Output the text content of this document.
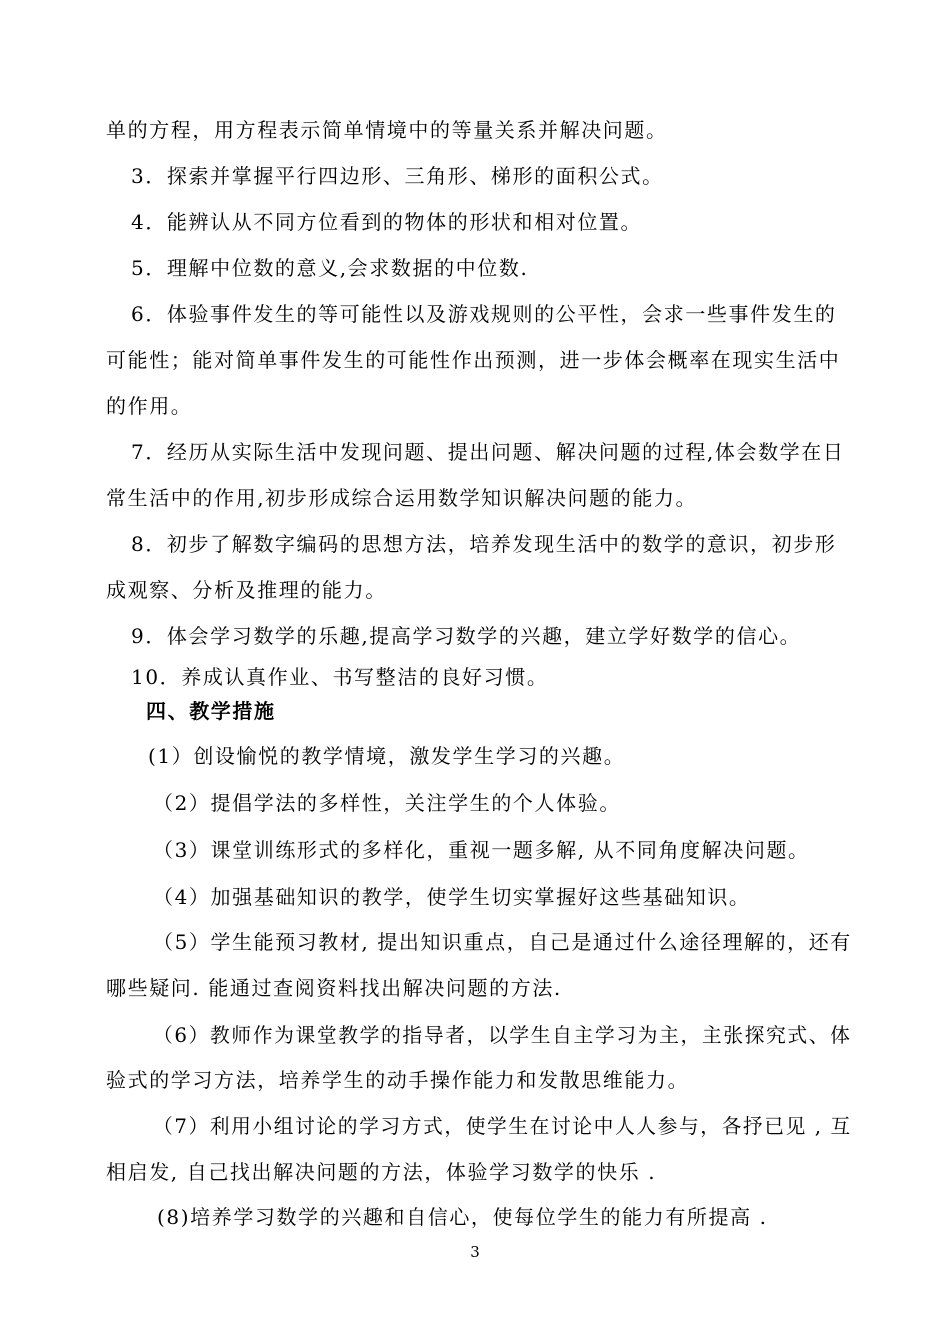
单的方程，用方程表示简单情境中的等量关系并解决问题。
3．探索并掌握平行四边形、三角形、梯形的面积公式。
4．能辨认从不同方位看到的物体的形状和相对位置。
5．理解中位数的意义,会求数据的中位数.
6．体验事件发生的等可能性以及游戏规则的公平性，会求一些事件发生的
可能性；能对简单事件发生的可能性作出预测，进一步体会概率在现实生活中
的作用。
7．经历从实际生活中发现问题、提出问题、解决问题的过程,体会数学在日
常生活中的作用,初步形成综合运用数学知识解决问题的能力。
8．初步了解数字编码的思想方法，培养发现生活中的数学的意识，初步形
成观察、分析及推理的能力。
9．体会学习数学的乐趣,提高学习数学的兴趣，建立学好数学的信心。
10．养成认真作业、书写整洁的良好习惯。
四、教学措施
(1）创设愉悦的教学情境，激发学生学习的兴趣。
（2）提倡学法的多样性，关注学生的个人体验。
（3）课堂训练形式的多样化，重视一题多解, 从不同角度解决问题。
（4）加强基础知识的教学，使学生切实掌握好这些基础知识。
（5）学生能预习教材, 提出知识重点，自己是通过什么途径理解的，还有
哪些疑问. 能通过查阅资料找出解决问题的方法.
（6）教师作为课堂教学的指导者，以学生自主学习为主，主张探究式、体
验式的学习方法，培养学生的动手操作能力和发散思维能力。
（7）利用小组讨论的学习方式，使学生在讨论中人人参与，各抒已见 , 互
相启发, 自己找出解决问题的方法，体验学习数学的快乐 .
(8)培养学习数学的兴趣和自信心，使每位学生的能力有所提高 .
3
